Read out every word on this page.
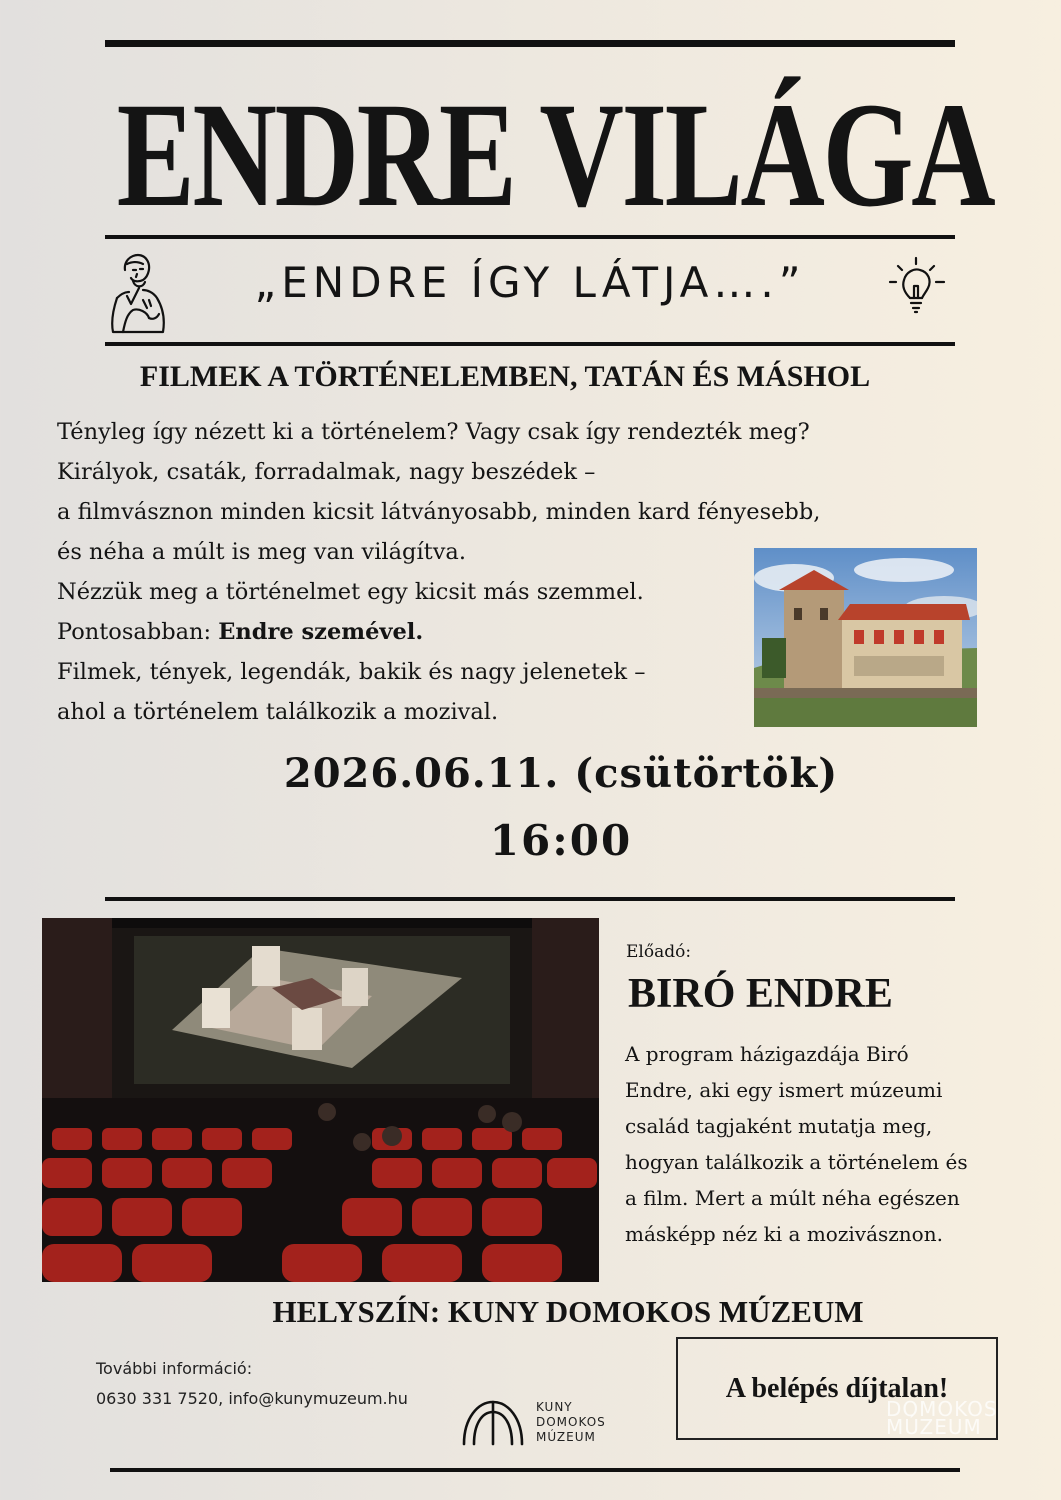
ENDRE VILÁGA
„ENDRE ÍGY LÁTJA….”
FILMEK A TÖRTÉNELEMBEN, TATÁN ÉS MÁSHOL
Tényleg így nézett ki a történelem? Vagy csak így rendezték meg?
Királyok, csaták, forradalmak, nagy beszédek –
a filmvásznon minden kicsit látványosabb, minden kard fényesebb,
és néha a múlt is meg van világítva.
Nézzük meg a történelmet egy kicsit más szemmel.
Pontosabban: Endre szemével.
Filmek, tények, legendák, bakik és nagy jelenetek –
ahol a történelem találkozik a mozival.
2026.06.11. (csütörtök)
16:00
Előadó:
BIRÓ ENDRE
A program házigazdája Biró
Endre, aki egy ismert múzeumi
család tagjaként mutatja meg,
hogyan találkozik a történelem és
a film. Mert a múlt néha egészen
másképp néz ki a mozivásznon.
HELYSZÍN: KUNY DOMOKOS MÚZEUM
További információ:
0630 331 7520, info@kunymuzeum.hu	KUNY
DOMOKOS
MÚZEUM
A belépés díjtalan!
DOMOKOS
MÚZEUM
